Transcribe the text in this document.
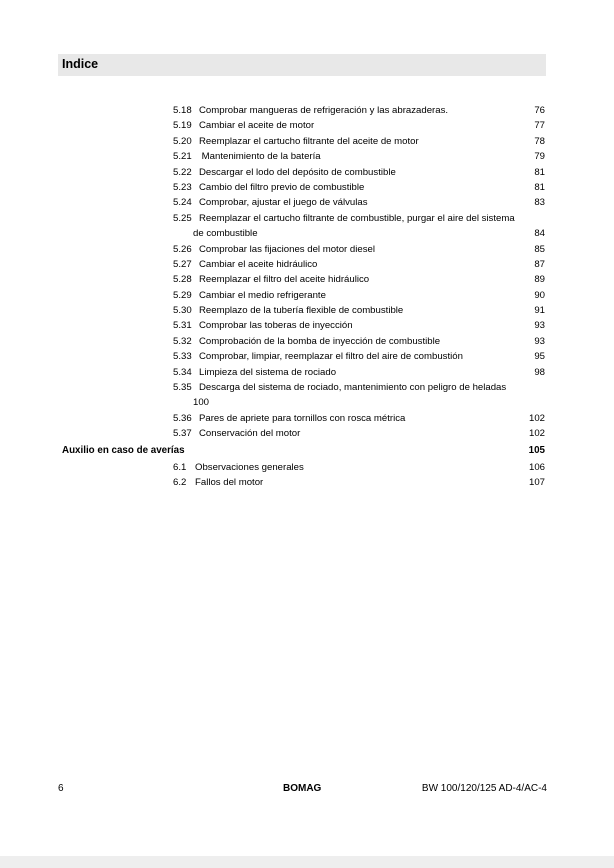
Indice
5.18 Comprobar mangueras de refrigeración y las abrazaderas.	76
5.19 Cambiar el aceite de motor	77
5.20 Reemplazar el cartucho filtrante del aceite de motor	78
5.21 Mantenimiento de la batería	79
5.22 Descargar el lodo del depósito de combustible	81
5.23 Cambio del filtro previo de combustible	81
5.24 Comprobar, ajustar el juego de válvulas	83
5.25 Reemplazar el cartucho filtrante de combustible, purgar el aire del sistema
de combustible	84
5.26 Comprobar las fijaciones del motor diesel	85
5.27 Cambiar el aceite hidráulico	87
5.28 Reemplazar el filtro del aceite hidráulico	89
5.29 Cambiar el medio refrigerante	90
5.30 Reemplazo de la tubería flexible de combustible	91
5.31 Comprobar las toberas de inyección	93
5.32 Comprobación de la bomba de inyección de combustible	93
5.33 Comprobar, limpiar, reemplazar el filtro del aire de combustión	95
5.34 Limpieza del sistema de rociado	98
5.35 Descarga del sistema de rociado, mantenimiento con peligro de heladas
100
5.36 Pares de apriete para tornillos con rosca métrica	102
5.37 Conservación del motor	102
Auxilio en caso de averías	105
6.1 Observaciones generales	106
6.2 Fallos del motor	107
6	BOMAG	BW 100/120/125 AD-4/AC-4
